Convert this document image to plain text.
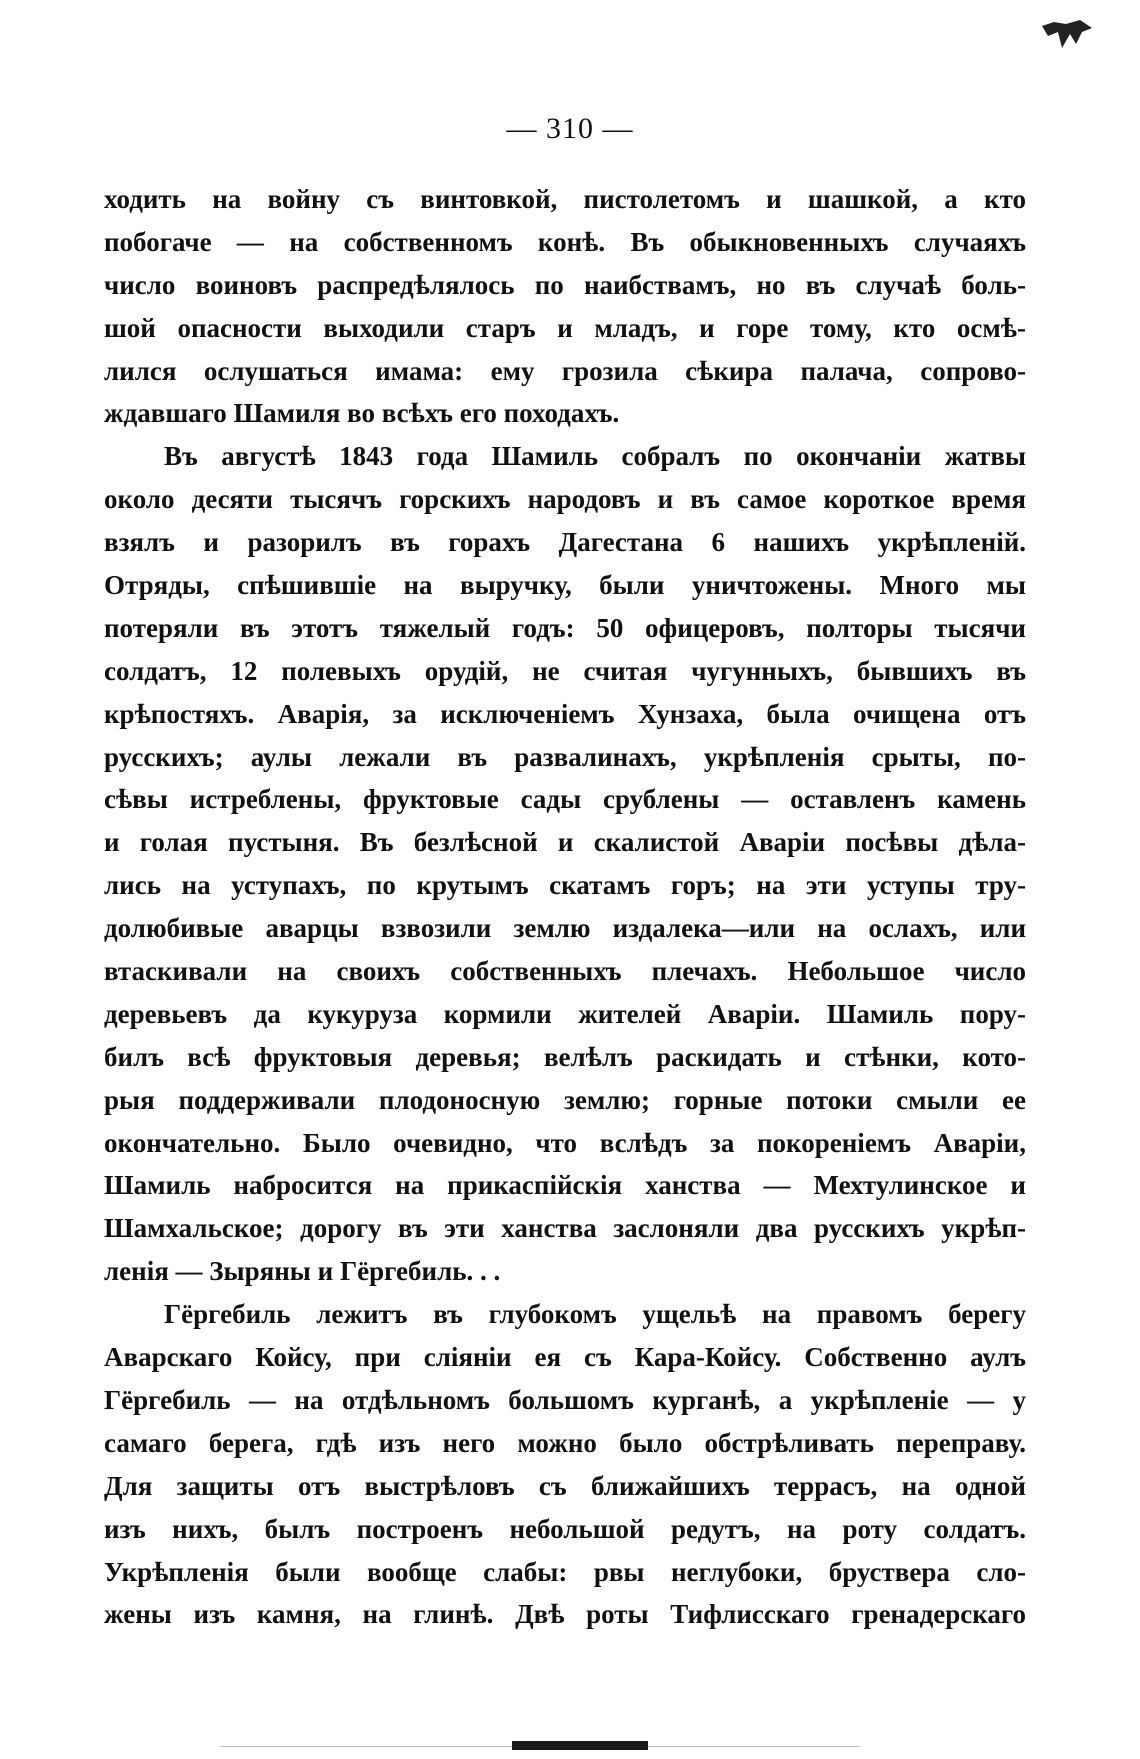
— 310 —
ходить на войну съ винтовкой, пистолетомъ и шашкой, а кто
побогаче — на собственномъ конѣ. Въ обыкновенныхъ случаяхъ
число воиновъ распредѣлялось по наибствамъ, но въ случаѣ боль-
шой опасности выходили старъ и младъ, и горе тому, кто осмѣ-
лился ослушаться имама: ему грозила сѣкира палача, сопрово-
ждавшаго Шамиля во всѣхъ его походахъ.
Въ августѣ 1843 года Шамиль собралъ по окончаніи жатвы
около десяти тысячъ горскихъ народовъ и въ самое короткое время
взялъ и разорилъ въ горахъ Дагестана 6 нашихъ укрѣпленій.
Отряды, спѣшившіе на выручку, были уничтожены. Много мы
потеряли въ этотъ тяжелый годъ: 50 офицеровъ, полторы тысячи
солдатъ, 12 полевыхъ орудій, не считая чугунныхъ, бывшихъ въ
крѣпостяхъ. Аварія, за исключеніемъ Хунзаха, была очищена отъ
русскихъ; аулы лежали въ развалинахъ, укрѣпленія срыты, по-
сѣвы истреблены, фруктовые сады срублены — оставленъ камень
и голая пустыня. Въ безлѣсной и скалистой Аваріи посѣвы дѣла-
лись на уступахъ, по крутымъ скатамъ горъ; на эти уступы тру-
долюбивые аварцы взвозили землю издалека—или на ослахъ, или
втаскивали на своихъ собственныхъ плечахъ. Небольшое число
деревьевъ да кукуруза кормили жителей Аваріи. Шамиль пору-
билъ всѣ фруктовыя деревья; велѣлъ раскидать и стѣнки, кото-
рыя поддерживали плодоносную землю; горные потоки смыли ее
окончательно. Было очевидно, что вслѣдъ за покореніемъ Аваріи,
Шамиль набросится на прикаспійскія ханства — Мехтулинское и
Шамхальское; дорогу въ эти ханства заслоняли два русскихъ укрѣп-
ленія — Зыряны и Гёргебиль. . .
Гёргебиль лежитъ въ глубокомъ ущельѣ на правомъ берегу
Аварскаго Койсу, при сліяніи ея съ Кара-Койсу. Собственно аулъ
Гёргебиль — на отдѣльномъ большомъ курганѣ, а укрѣпленіе — у
самаго берега, гдѣ изъ него можно было обстрѣливать переправу.
Для защиты отъ выстрѣловъ съ ближайшихъ террасъ, на одной
изъ нихъ, былъ построенъ небольшой редутъ, на роту солдатъ.
Укрѣпленія были вообще слабы: рвы неглубоки, бруствера сло-
жены изъ камня, на глинѣ. Двѣ роты Тифлисскаго гренадерскаго
